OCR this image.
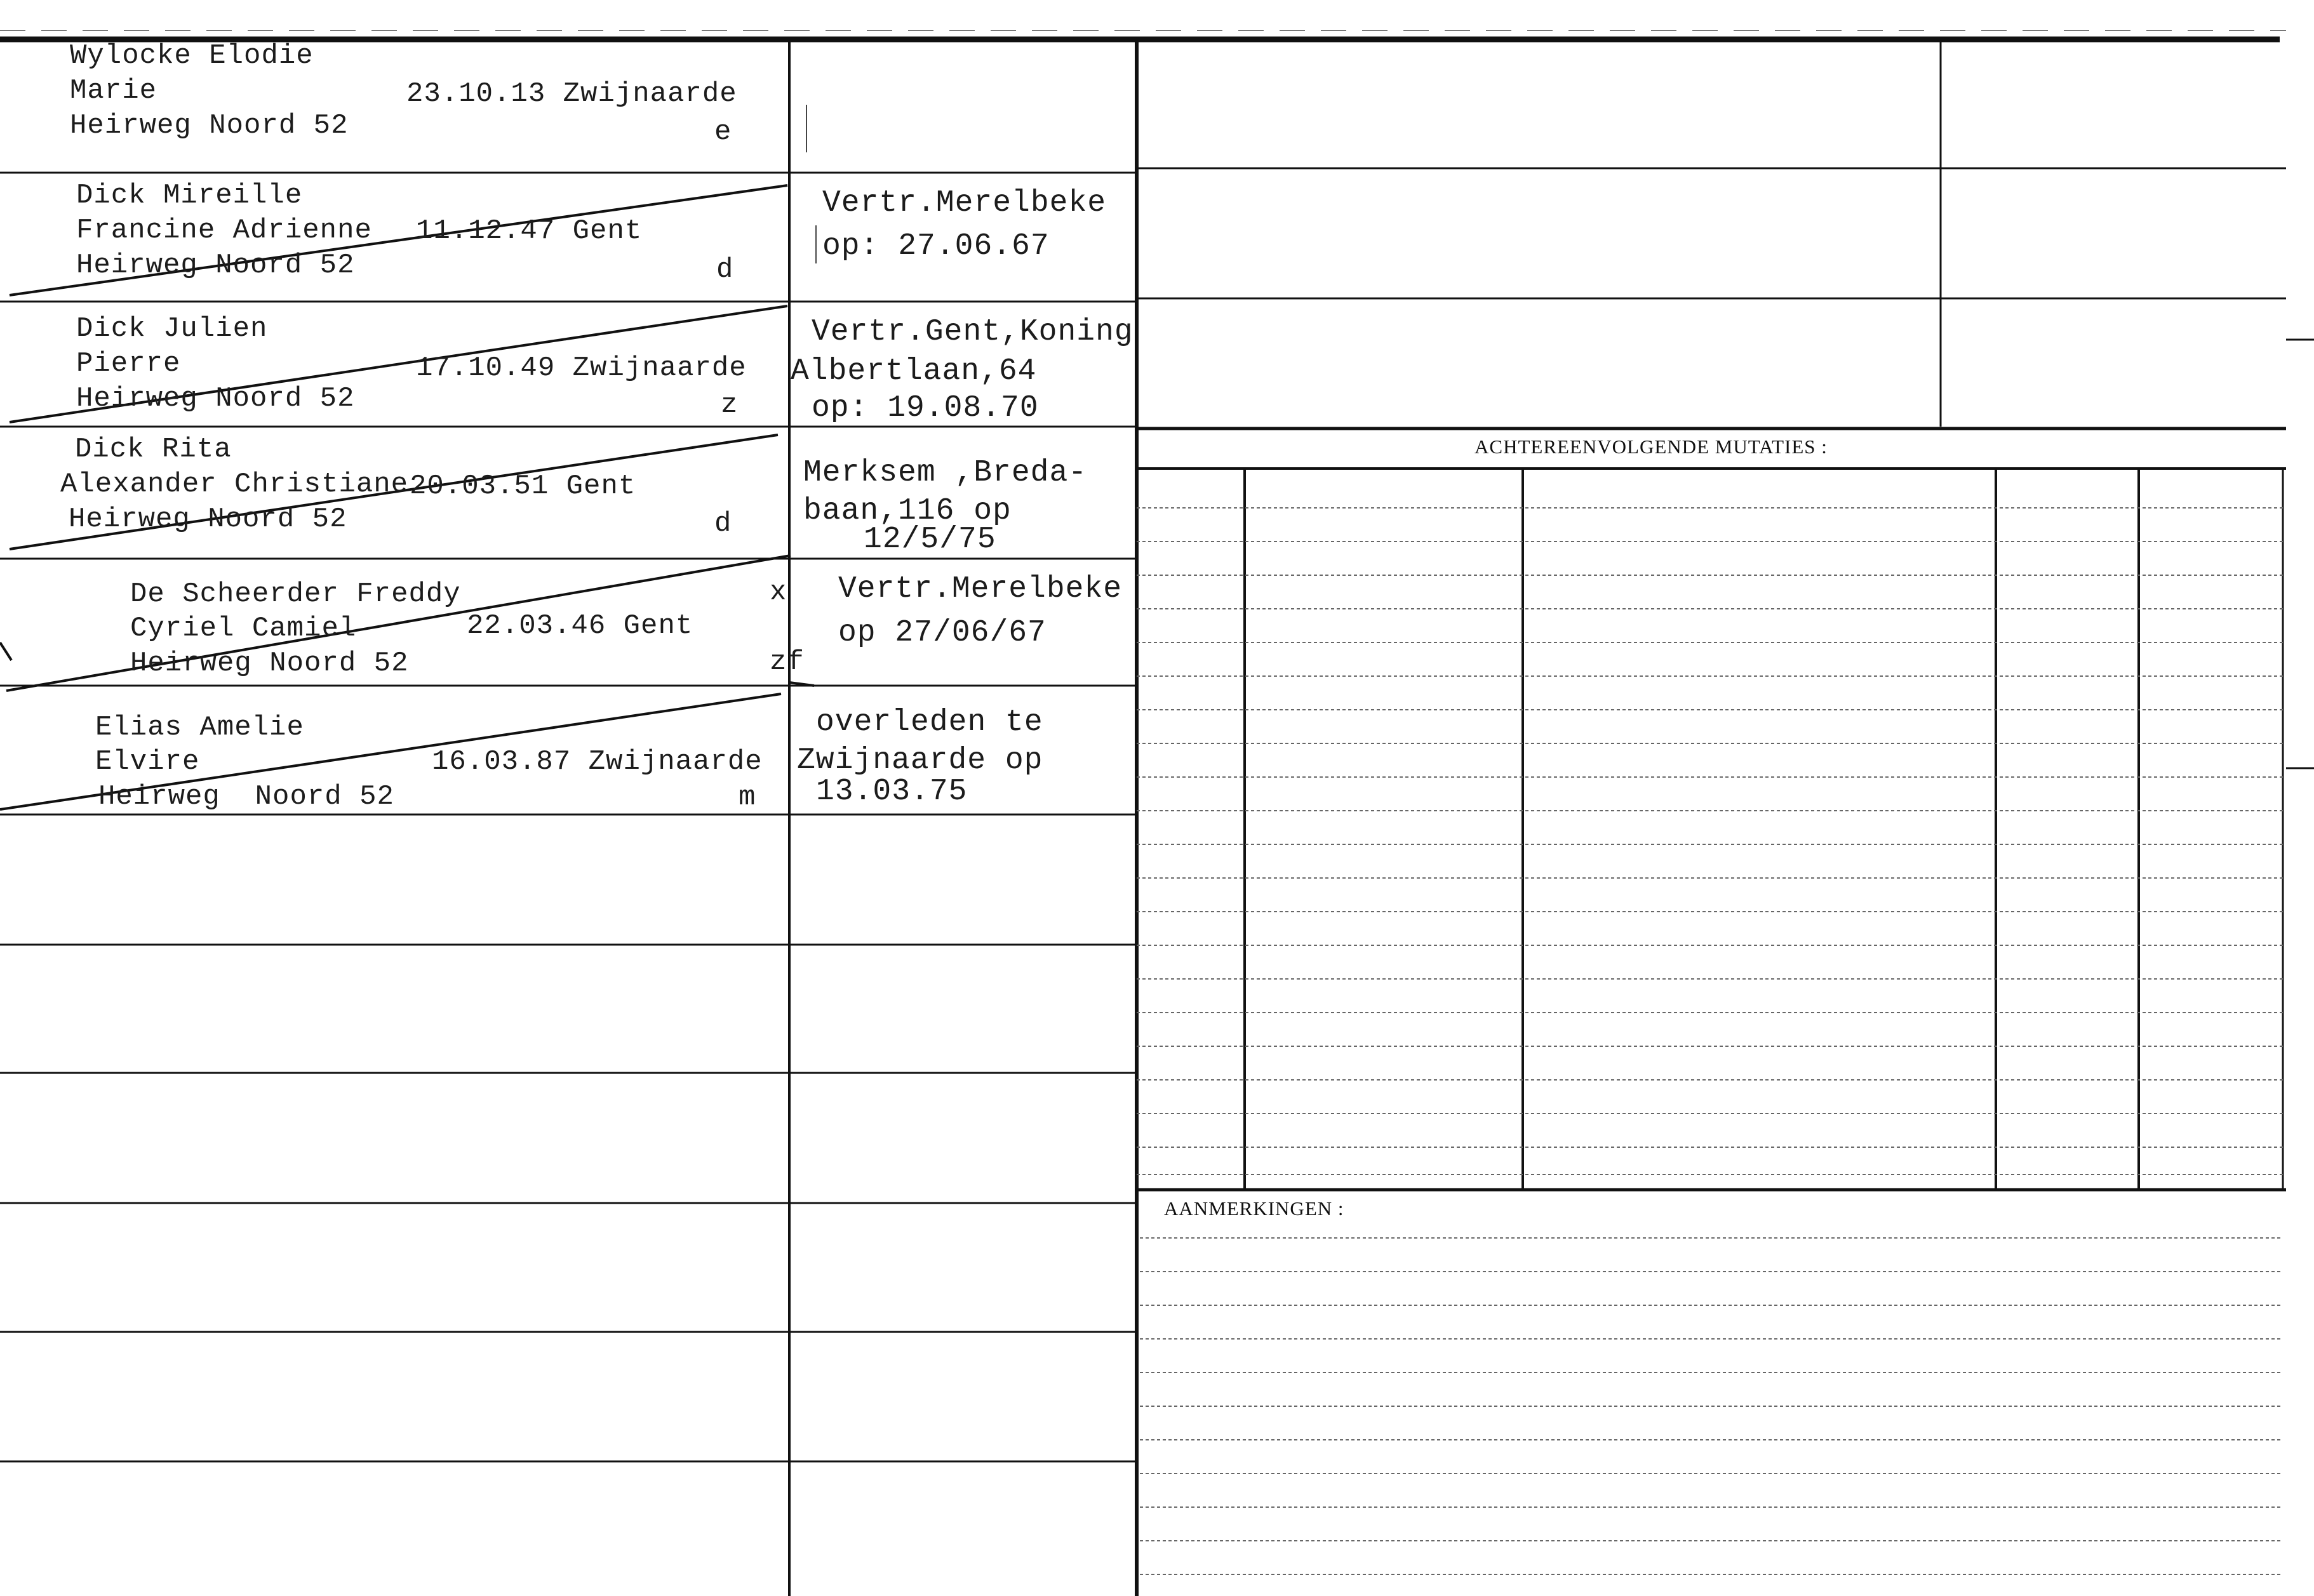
Wylocke Elodie
Marie
Heirweg Noord 52
23.10.13 Zwijnaarde
e
Dick Mireille
Francine Adrienne
Heirweg Noord 52
11.12.47 Gent
d
Vertr.Merelbeke
op: 27.06.67
Dick Julien
Pierre
Heirweg Noord 52
17.10.49 Zwijnaarde
z
Vertr.Gent,Koning
Albertlaan,64
op: 19.08.70
Dick Rita
Alexander Christiane
Heirweg Noord 52
20.03.51 Gent
d
Merksem ,Breda-
baan,116 op
12/5/75
De Scheerder Freddy
Cyriel Camiel
Heirweg Noord 52
22.03.46 Gent
x
zf
Vertr.Merelbeke
op 27/06/67
Elias Amelie
Elvire
Heirweg  Noord 52
16.03.87 Zwijnaarde
m
overleden te
Zwijnaarde op
13.03.75
ACHTEREENVOLGENDE MUTATIES :
AANMERKINGEN :
